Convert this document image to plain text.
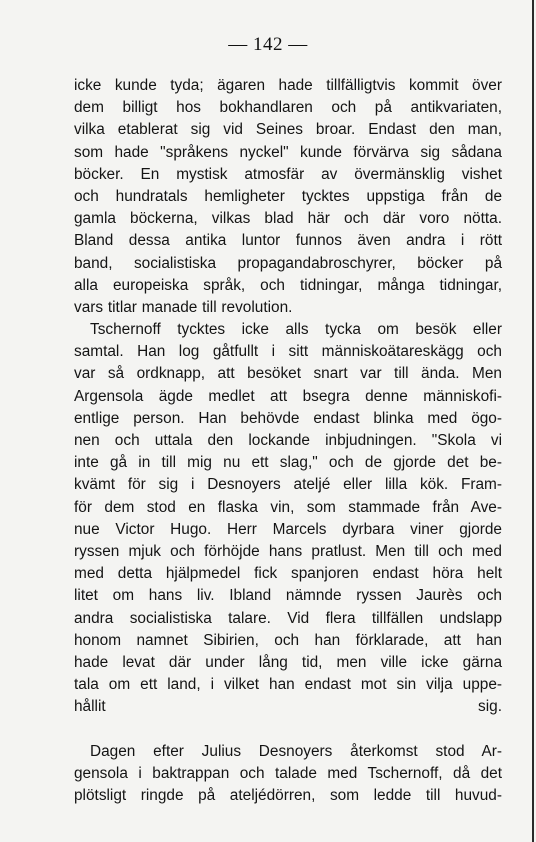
— 142 —
icke kunde tyda; ägaren hade tillfälligtvis kommit över
dem billigt hos bokhandlaren och på antikvariaten,
vilka etablerat sig vid Seines broar. Endast den man,
som hade "språkens nyckel" kunde förvärva sig sådana
böcker. En mystisk atmosfär av övermänsklig vishet
och hundratals hemligheter tycktes uppstiga från de
gamla böckerna, vilkas blad här och där voro nötta.
Bland dessa antika luntor funnos även andra i rött
band, socialistiska propagandabroschyrer, böcker på
alla europeiska språk, och tidningar, många tidningar,
vars titlar manade till revolution.
Tschernoff tycktes icke alls tycka om besök eller
samtal. Han log gåtfullt i sitt människoätareskägg och
var så ordknapp, att besöket snart var till ända. Men
Argensola ägde medlet att bsegra denne människofi-
entlige person. Han behövde endast blinka med ögo-
nen och uttala den lockande inbjudningen. "Skola vi
inte gå in till mig nu ett slag," och de gjorde det be-
kvämt för sig i Desnoyers ateljé eller lilla kök. Fram-
för dem stod en flaska vin, som stammade från Ave-
nue Victor Hugo. Herr Marcels dyrbara viner gjorde
ryssen mjuk och förhöjde hans pratlust. Men till och med
med detta hjälpmedel fick spanjoren endast höra helt
litet om hans liv. Ibland nämnde ryssen Jaurès och
andra socialistiska talare. Vid flera tillfällen undslapp
honom namnet Sibirien, och han förklarade, att han
hade levat där under lång tid, men ville icke gärna
tala om ett land, i vilket han endast mot sin vilja uppe-
hållit sig.
Dagen efter Julius Desnoyers återkomst stod Ar-
gensola i baktrappan och talade med Tschernoff, då det
plötsligt ringde på ateljédörren, som ledde till huvud-
